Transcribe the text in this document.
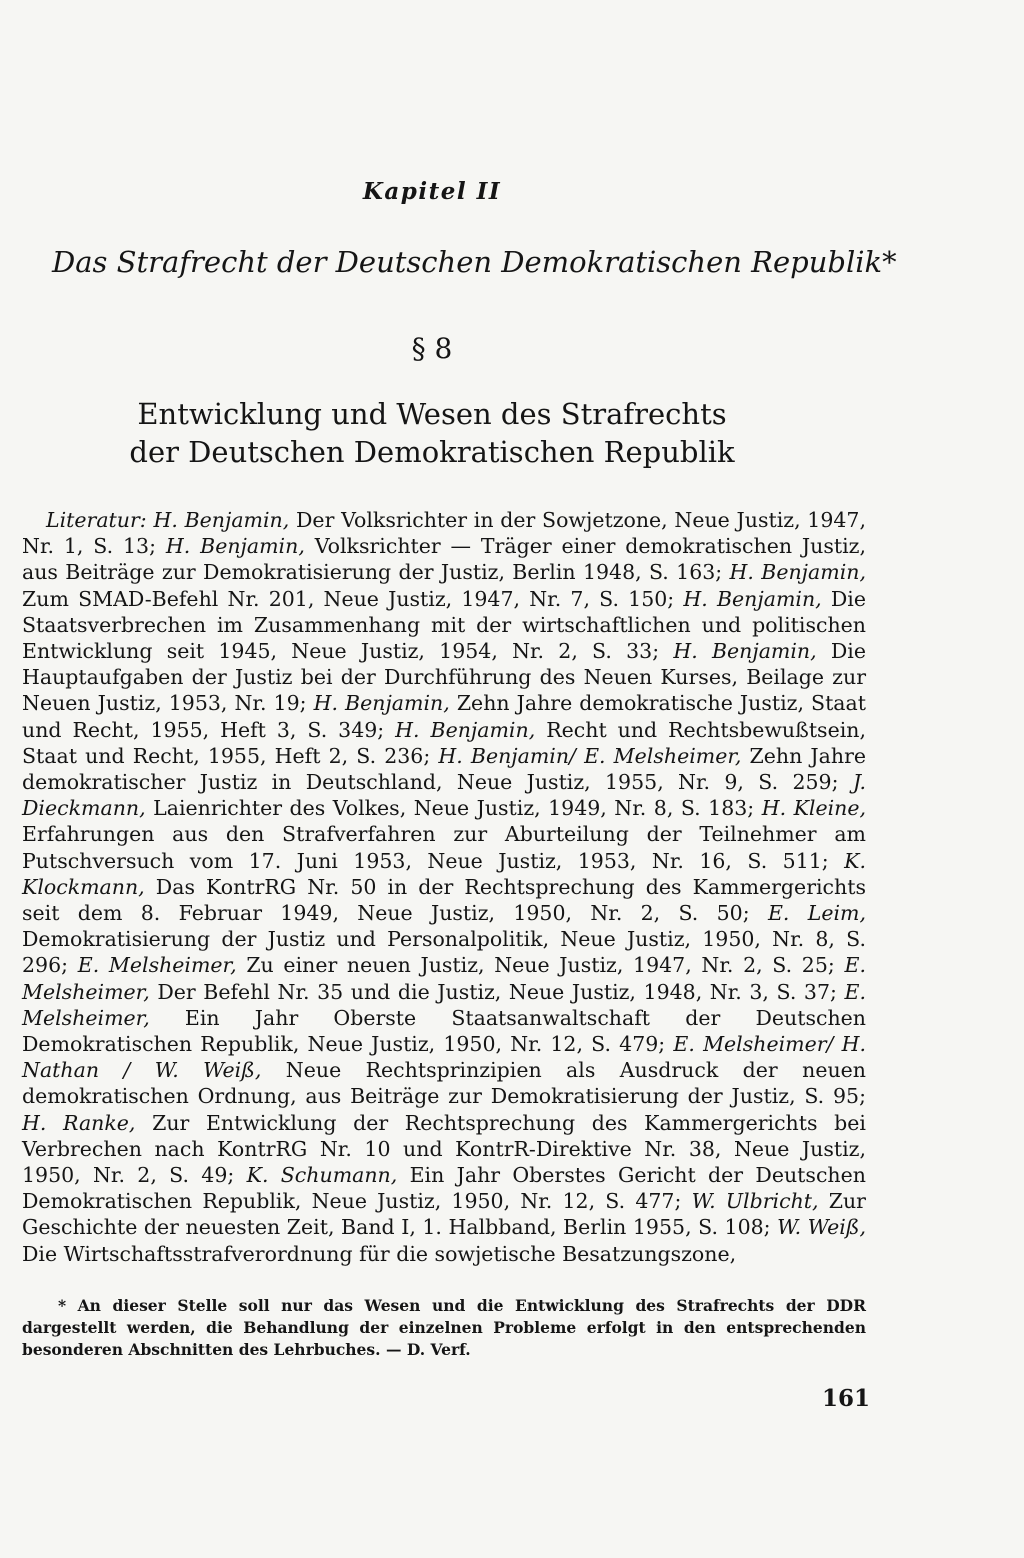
Kapitel II
Das Strafrecht der Deutschen Demokratischen Republik*
§ 8
Entwicklung und Wesen des Strafrechts
der Deutschen Demokratischen Republik
Literatur: H. Benjamin, Der Volksrichter in der Sowjetzone, Neue Justiz, 1947, Nr. 1, S. 13; H. Benjamin, Volksrichter — Träger einer demokratischen Justiz, aus Beiträge zur Demokratisierung der Justiz, Berlin 1948, S. 163; H. Benjamin, Zum SMAD-Befehl Nr. 201, Neue Justiz, 1947, Nr. 7, S. 150; H. Benjamin, Die Staatsverbrechen im Zusammenhang mit der wirtschaftlichen und politischen Entwicklung seit 1945, Neue Justiz, 1954, Nr. 2, S. 33; H. Benjamin, Die Hauptaufgaben der Justiz bei der Durchführung des Neuen Kurses, Beilage zur Neuen Justiz, 1953, Nr. 19; H. Benjamin, Zehn Jahre demokratische Justiz, Staat und Recht, 1955, Heft 3, S. 349; H. Benjamin, Recht und Rechtsbewußtsein, Staat und Recht, 1955, Heft 2, S. 236; H. Benjamin/ E. Melsheimer, Zehn Jahre demokratischer Justiz in Deutschland, Neue Justiz, 1955, Nr. 9, S. 259; J. Dieckmann, Laienrichter des Volkes, Neue Justiz, 1949, Nr. 8, S. 183; H. Kleine, Erfahrungen aus den Strafverfahren zur Aburteilung der Teilnehmer am Putschversuch vom 17. Juni 1953, Neue Justiz, 1953, Nr. 16, S. 511; K. Klockmann, Das KontrRG Nr. 50 in der Rechtsprechung des Kammergerichts seit dem 8. Februar 1949, Neue Justiz, 1950, Nr. 2, S. 50; E. Leim, Demokratisierung der Justiz und Personalpolitik, Neue Justiz, 1950, Nr. 8, S. 296; E. Melsheimer, Zu einer neuen Justiz, Neue Justiz, 1947, Nr. 2, S. 25; E. Melsheimer, Der Befehl Nr. 35 und die Justiz, Neue Justiz, 1948, Nr. 3, S. 37; E. Melsheimer, Ein Jahr Oberste Staatsanwaltschaft der Deutschen Demokratischen Republik, Neue Justiz, 1950, Nr. 12, S. 479; E. Melsheimer/ H. Nathan / W. Weiß, Neue Rechtsprinzipien als Ausdruck der neuen demokratischen Ordnung, aus Beiträge zur Demokratisierung der Justiz, S. 95; H. Ranke, Zur Entwicklung der Rechtsprechung des Kammergerichts bei Verbrechen nach KontrRG Nr. 10 und KontrR-Direktive Nr. 38, Neue Justiz, 1950, Nr. 2, S. 49; K. Schumann, Ein Jahr Oberstes Gericht der Deutschen Demokratischen Republik, Neue Justiz, 1950, Nr. 12, S. 477; W. Ulbricht, Zur Geschichte der neuesten Zeit, Band I, 1. Halbband, Berlin 1955, S. 108; W. Weiß, Die Wirtschaftsstrafverordnung für die sowjetische Besatzungszone,
* An dieser Stelle soll nur das Wesen und die Entwicklung des Strafrechts der DDR dargestellt werden, die Behandlung der einzelnen Probleme erfolgt in den entsprechenden besonderen Abschnitten des Lehrbuches. — D. Verf.
161
